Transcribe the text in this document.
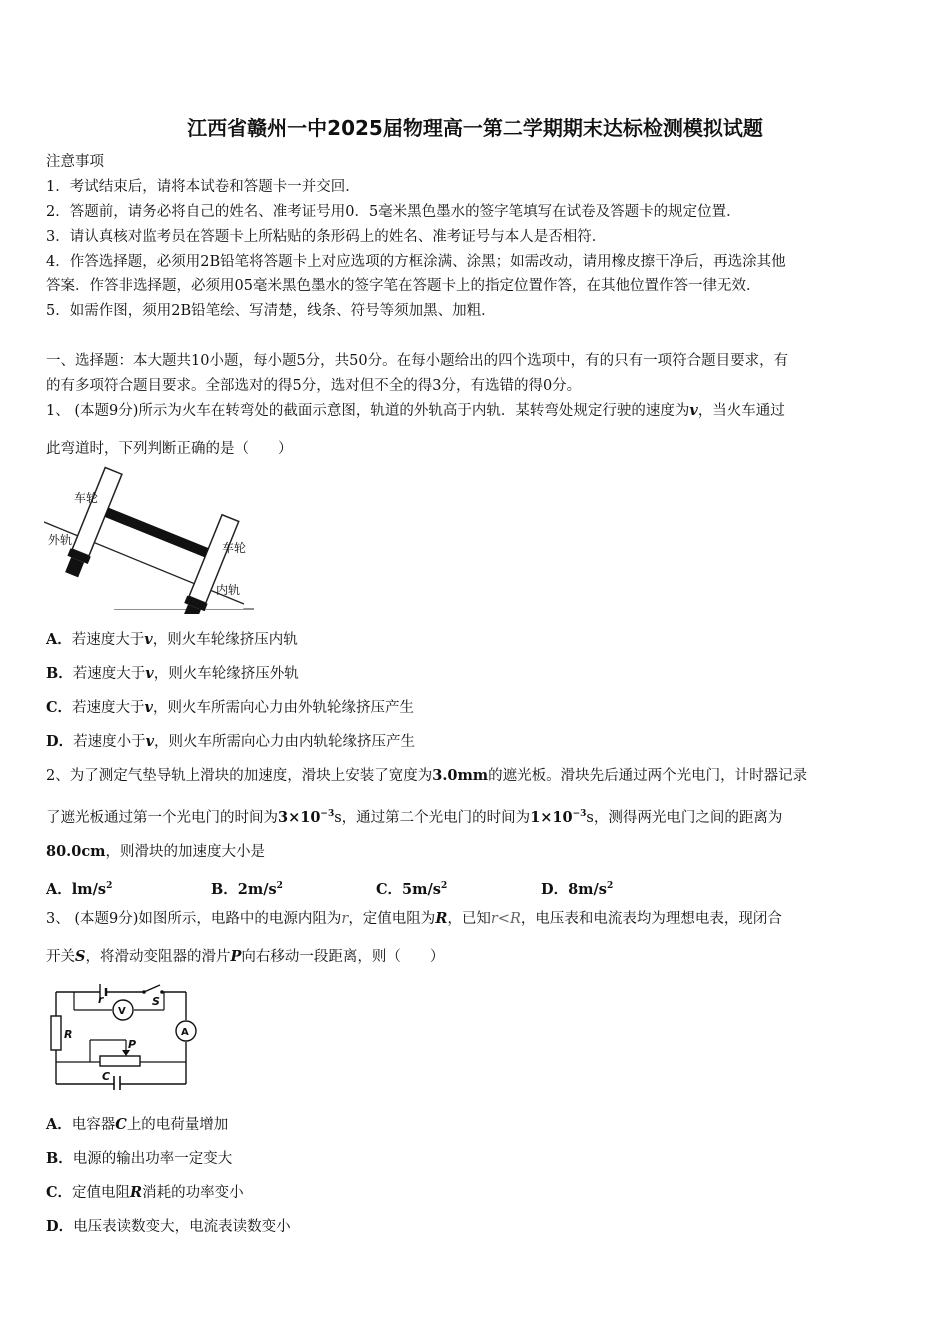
江西省赣州一中2025届物理高一第二学期期末达标检测模拟试题
注意事项
1．考试结束后，请将本试卷和答题卡一并交回．
2．答题前，请务必将自己的姓名、准考证号用0．5毫米黑色墨水的签字笔填写在试卷及答题卡的规定位置．
3．请认真核对监考员在答题卡上所粘贴的条形码上的姓名、准考证号与本人是否相符．
4．作答选择题，必须用2B铅笔将答题卡上对应选项的方框涂满、涂黑；如需改动，请用橡皮擦干净后，再选涂其他
答案．作答非选择题，必须用05毫米黑色墨水的签字笔在答题卡上的指定位置作答，在其他位置作答一律无效．
5．如需作图，须用2B铅笔绘、写清楚，线条、符号等须加黑、加粗．
一、选择题：本大题共10小题，每小题5分，共50分。在每小题给出的四个选项中，有的只有一项符合题目要求，有
的有多项符合题目要求。全部选对的得5分，选对但不全的得3分，有选错的得0分。
1、 (本题9分)所示为火车在转弯处的截面示意图，轨道的外轨高于内轨．某转弯处规定行驶的速度为v，当火车通过
此弯道时，下列判断正确的是（　　）
车轮
外轨
车轮
内轨
A．若速度大于v，则火车轮缘挤压内轨
B．若速度大于v，则火车轮缘挤压外轨
C．若速度大于v，则火车所需向心力由外轨轮缘挤压产生
D．若速度小于v，则火车所需向心力由内轨轮缘挤压产生
2、为了测定气垫导轨上滑块的加速度，滑块上安装了宽度为3.0mm的遮光板。滑块先后通过两个光电门，计时器记录
了遮光板通过第一个光电门的时间为$3\times 10^{-3}s$，通过第二个光电门的时间为$1\times 10^{-3}s$，测得两光电门之间的距离为
80.0cm，则滑块的加速度大小是
A．$lm/s^2$	B．$2m/s^2$	C．$5m/s^2$	D．$8m/s^2$
3、 (本题9分)如图所示，电路中的电源内阻为r，定值电阻为R，已知r<R，电压表和电流表均为理想电表，现闭合
开关S，将滑动变阻器的滑片P向右移动一段距离，则（　　）
r	S
V
A
R
P
C
A．电容器C上的电荷量增加
B．电源的输出功率一定变大
C．定值电阻R消耗的功率变小
D．电压表读数变大，电流表读数变小
